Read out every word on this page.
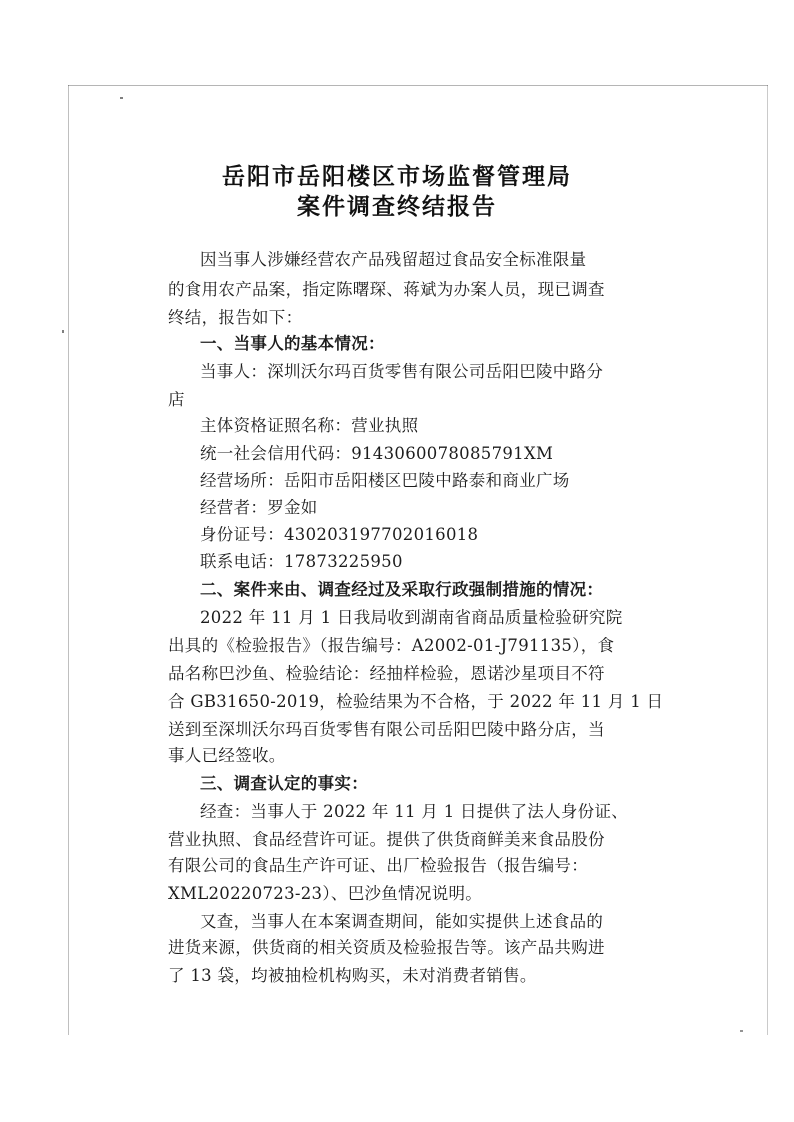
岳阳市岳阳楼区市场监督管理局
案件调查终结报告
因当事人涉嫌经营农产品残留超过食品安全标准限量
的食用农产品案，指定陈曙琛、蒋斌为办案人员，现已调查
终结，报告如下：
一、当事人的基本情况：
当事人：深圳沃尔玛百货零售有限公司岳阳巴陵中路分
店
主体资格证照名称：营业执照
统一社会信用代码：9143060078085791XM
经营场所：岳阳市岳阳楼区巴陵中路泰和商业广场
经营者：罗金如
身份证号：430203197702016018
联系电话：17873225950
二、案件来由、调查经过及采取行政强制措施的情况：
2022 年 11 月 1 日我局收到湖南省商品质量检验研究院
出具的《检验报告》（报告编号：A2002-01-J791135），食
品名称巴沙鱼、检验结论：经抽样检验，恩诺沙星项目不符
合 GB31650-2019，检验结果为不合格，于 2022 年 11 月 1 日
送到至深圳沃尔玛百货零售有限公司岳阳巴陵中路分店，当
事人已经签收。
三、调查认定的事实：
经查：当事人于 2022 年 11 月 1 日提供了法人身份证、
营业执照、食品经营许可证。提供了供货商鲜美来食品股份
有限公司的食品生产许可证、出厂检验报告（报告编号：
XML20220723-23）、巴沙鱼情况说明。
又查，当事人在本案调查期间，能如实提供上述食品的
进货来源，供货商的相关资质及检验报告等。该产品共购进
了 13 袋，均被抽检机构购买，未对消费者销售。
